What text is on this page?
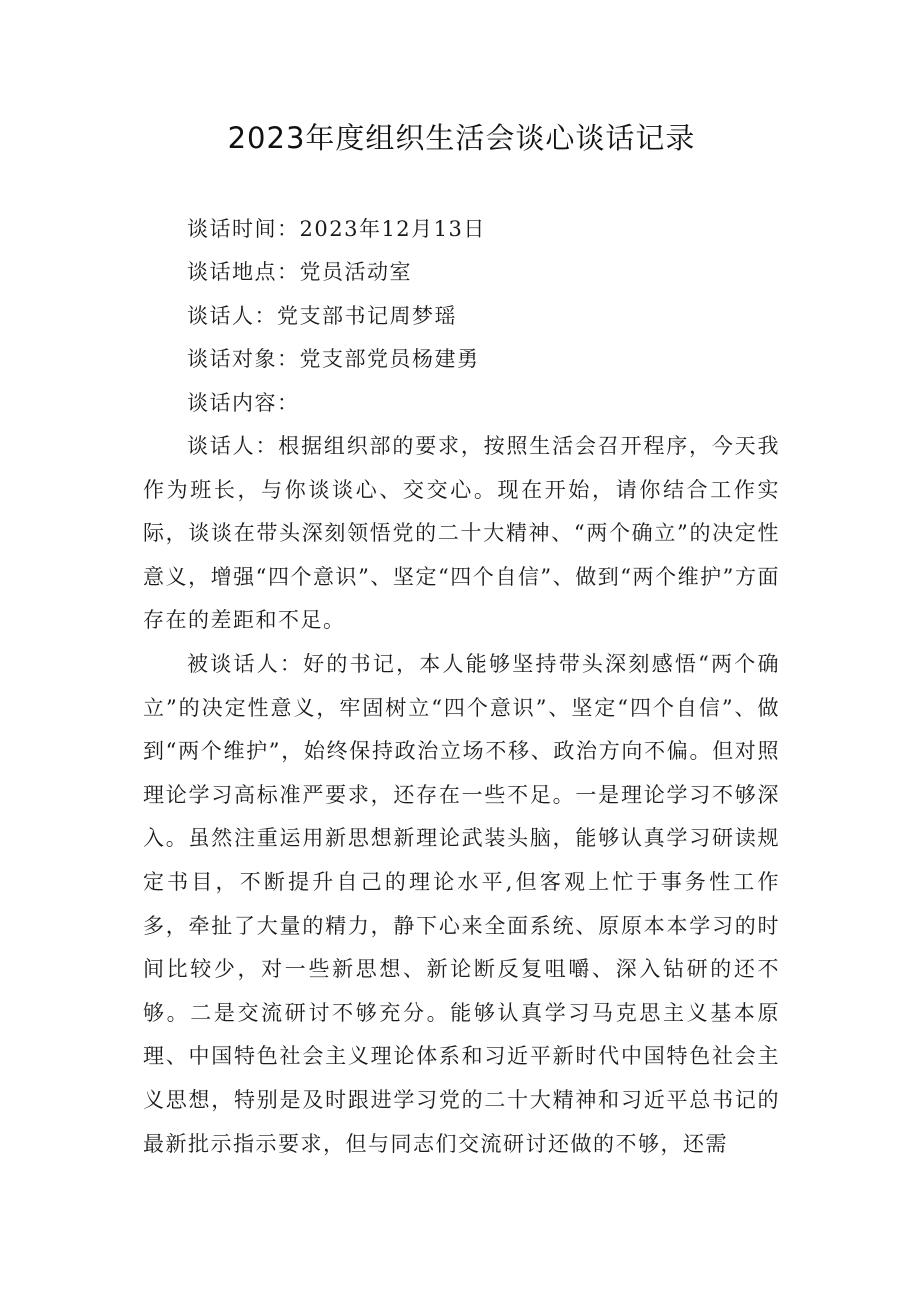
2023年度组织生活会谈心谈话记录
谈话时间：2023年12月13日
谈话地点：党员活动室
谈话人：党支部书记周梦瑶
谈话对象：党支部党员杨建勇
谈话内容：

谈话人：根据组织部的要求，按照生活会召开程序，今天我作为班长，与你谈谈心、交交心。现在开始，请你结合工作实际，谈谈在带头深刻领悟党的二十大精神、“两个确立”的决定性意义，增强“四个意识”、坚定“四个自信”、做到“两个维护”方面存在的差距和不足。

被谈话人：好的书记，本人能够坚持带头深刻感悟“两个确立”的决定性意义，牢固树立“四个意识”、坚定“四个自信”、做到“两个维护”，始终保持政治立场不移、政治方向不偏。但对照理论学习高标准严要求，还存在一些不足。一是理论学习不够深入。虽然注重运用新思想新理论武装头脑，能够认真学习研读规定书目，不断提升自己的理论水平,但客观上忙于事务性工作多，牵扯了大量的精力，静下心来全面系统、原原本本学习的时间比较少，对一些新思想、新论断反复咀嚼、深入钻研的还不够。二是交流研讨不够充分。能够认真学习马克思主义基本原理、中国特色社会主义理论体系和习近平新时代中国特色社会主义思想，特别是及时跟进学习党的二十大精神和习近平总书记的最新批示指示要求，但与同志们交流研讨还做的不够，还需
